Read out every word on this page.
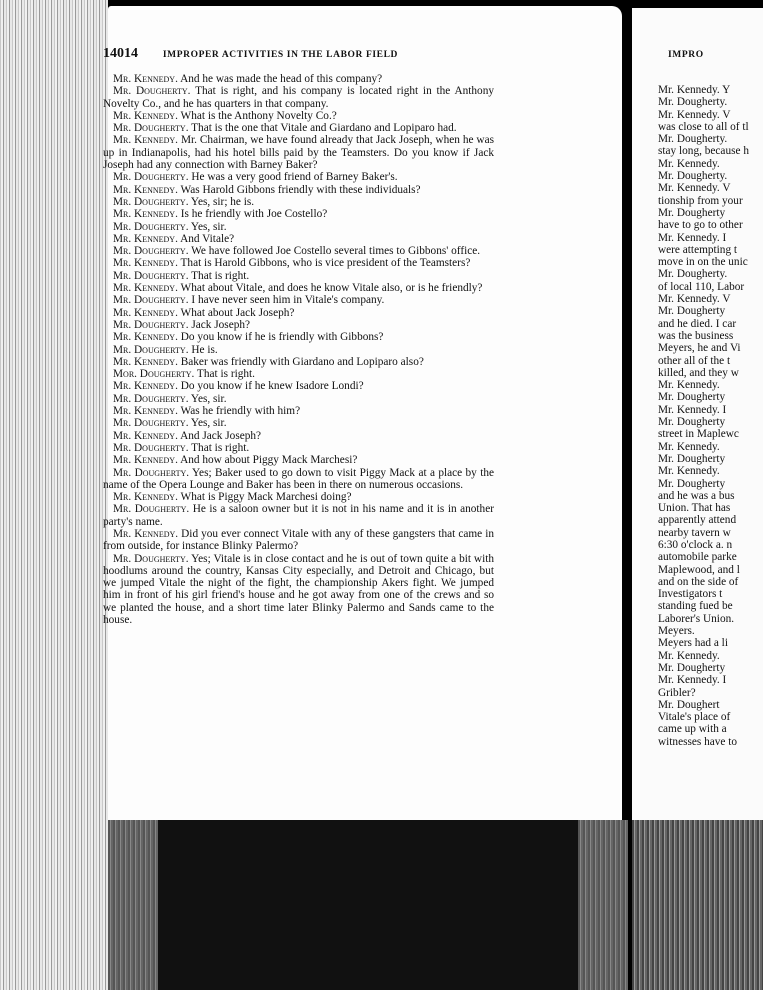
14014	IMPROPER ACTIVITIES IN THE LABOR FIELD

Mr. Kennedy. And he was made the head of this company?

Mr. Dougherty. That is right, and his company is located right in the Anthony Novelty Co., and he has quarters in that company.

Mr. Kennedy. What is the Anthony Novelty Co.?

Mr. Dougherty. That is the one that Vitale and Giardano and Lopiparo had.

Mr. Kennedy. Mr. Chairman, we have found already that Jack Joseph, when he was up in Indianapolis, had his hotel bills paid by the Teamsters. Do you know if Jack Joseph had any connection with Barney Baker?

Mr. Dougherty. He was a very good friend of Barney Baker's.

Mr. Kennedy. Was Harold Gibbons friendly with these individuals?

Mr. Dougherty. Yes, sir; he is.

Mr. Kennedy. Is he friendly with Joe Costello?

Mr. Dougherty. Yes, sir.

Mr. Kennedy. And Vitale?

Mr. Dougherty. We have followed Joe Costello several times to Gibbons' office.

Mr. Kennedy. That is Harold Gibbons, who is vice president of the Teamsters?

Mr. Dougherty. That is right.

Mr. Kennedy. What about Vitale, and does he know Vitale also, or is he friendly?

Mr. Dougherty. I have never seen him in Vitale's company.

Mr. Kennedy. What about Jack Joseph?

Mr. Dougherty. Jack Joseph?

Mr. Kennedy. Do you know if he is friendly with Gibbons?

Mr. Dougherty. He is.

Mr. Kennedy. Baker was friendly with Giardano and Lopiparo also?

Mor. Dougherty. That is right.

Mr. Kennedy. Do you know if he knew Isadore Londi?

Mr. Dougherty. Yes, sir.

Mr. Kennedy. Was he friendly with him?

Mr. Dougherty. Yes, sir.

Mr. Kennedy. And Jack Joseph?

Mr. Dougherty. That is right.

Mr. Kennedy. And how about Piggy Mack Marchesi?

Mr. Dougherty. Yes; Baker used to go down to visit Piggy Mack at a place by the name of the Opera Lounge and Baker has been in there on numerous occasions.

Mr. Kennedy. What is Piggy Mack Marchesi doing?

Mr. Dougherty. He is a saloon owner but it is not in his name and it is in another party's name.

Mr. Kennedy. Did you ever connect Vitale with any of these gangsters that came in from outside, for instance Blinky Palermo?

Mr. Dougherty. Yes; Vitale is in close contact and he is out of town quite a bit with hoodlums around the country, Kansas City especially, and Detroit and Chicago, but we jumped Vitale the night of the fight, the championship Akers fight. We jumped him in front of his girl friend's house and he got away from one of the crews and so we planted the house, and a short time later Blinky Palermo and Sands came to the house.

IMPRO
Mr. Kennedy. Y
Mr. Dougherty.
Mr. Kennedy. V
was close to all of tl
Mr. Dougherty.
stay long, because h
Mr. Kennedy.
Mr. Dougherty.
Mr. Kennedy. V
tionship from your
Mr. Dougherty
have to go to other
Mr. Kennedy. I
were attempting t
move in on the unic
Mr. Dougherty.
of local 110, Labor
Mr. Kennedy. V
Mr. Dougherty
and he died. I car
was the business
Meyers, he and Vi
other all of the t
killed, and they w
Mr. Kennedy.
Mr. Dougherty
Mr. Kennedy. I
Mr. Dougherty
street in Maplewc
Mr. Kennedy.
Mr. Dougherty
Mr. Kennedy.
Mr. Dougherty
and he was a bus
Union. That has
apparently attend
nearby tavern w
6:30 o'clock a. n
automobile parke
Maplewood, and l
and on the side of
Investigators t
standing fued be
Laborer's Union.
Meyers.
Meyers had a li
Mr. Kennedy.
Mr. Dougherty
Mr. Kennedy. I
Gribler?
Mr. Doughert
Vitale's place of
came up with a
witnesses have to
